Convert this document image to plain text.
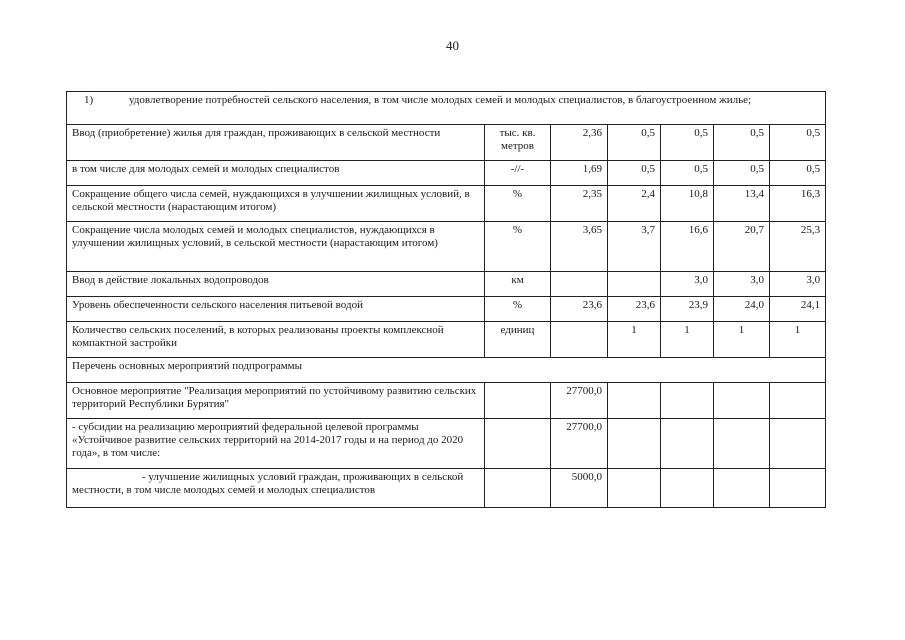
40
1) удовлетворение потребностей сельского населения, в том числе молодых семей и молодых специалистов, в благоустроенном жилье;						
Ввод (приобретение) жилья для граждан, проживающих в сельской местности	тыс. кв. метров	2,36	0,5	0,5	0,5	0,5
в том числе для молодых семей и молодых специалистов	-//-	1,69	0,5	0,5	0,5	0,5
Сокращение общего числа семей, нуждающихся в улучшении жилищных условий, в сельской местности (нарастающим итогом)	%	2,35	2,4	10,8	13,4	16,3
Сокращение числа молодых семей и молодых специалистов, нуждающихся в улучшении жилищных условий, в сельской местности (нарастающим итогом)	%	3,65	3,7	16,6	20,7	25,3
Ввод в действие локальных водопроводов	км			3,0	3,0	3,0
Уровень обеспеченности сельского населения питьевой водой	%	23,6	23,6	23,9	24,0	24,1
Количество сельских поселений, в которых реализованы проекты комплексной компактной застройки	единиц		1	1	1	1
Перечень основных мероприятий подпрограммы						
Основное мероприятие "Реализация мероприятий по устойчивому развитию сельских территорий Республики Бурятия"		27700,0				
- субсидии на реализацию мероприятий федеральной целевой программы «Устойчивое развитие сельских территорий на 2014-2017 годы и на период до 2020 года», в том числе:		27700,0				
- улучшение жилищных условий граждан, проживающих в сельской местности, в том числе молодых семей и молодых специалистов		5000,0				
